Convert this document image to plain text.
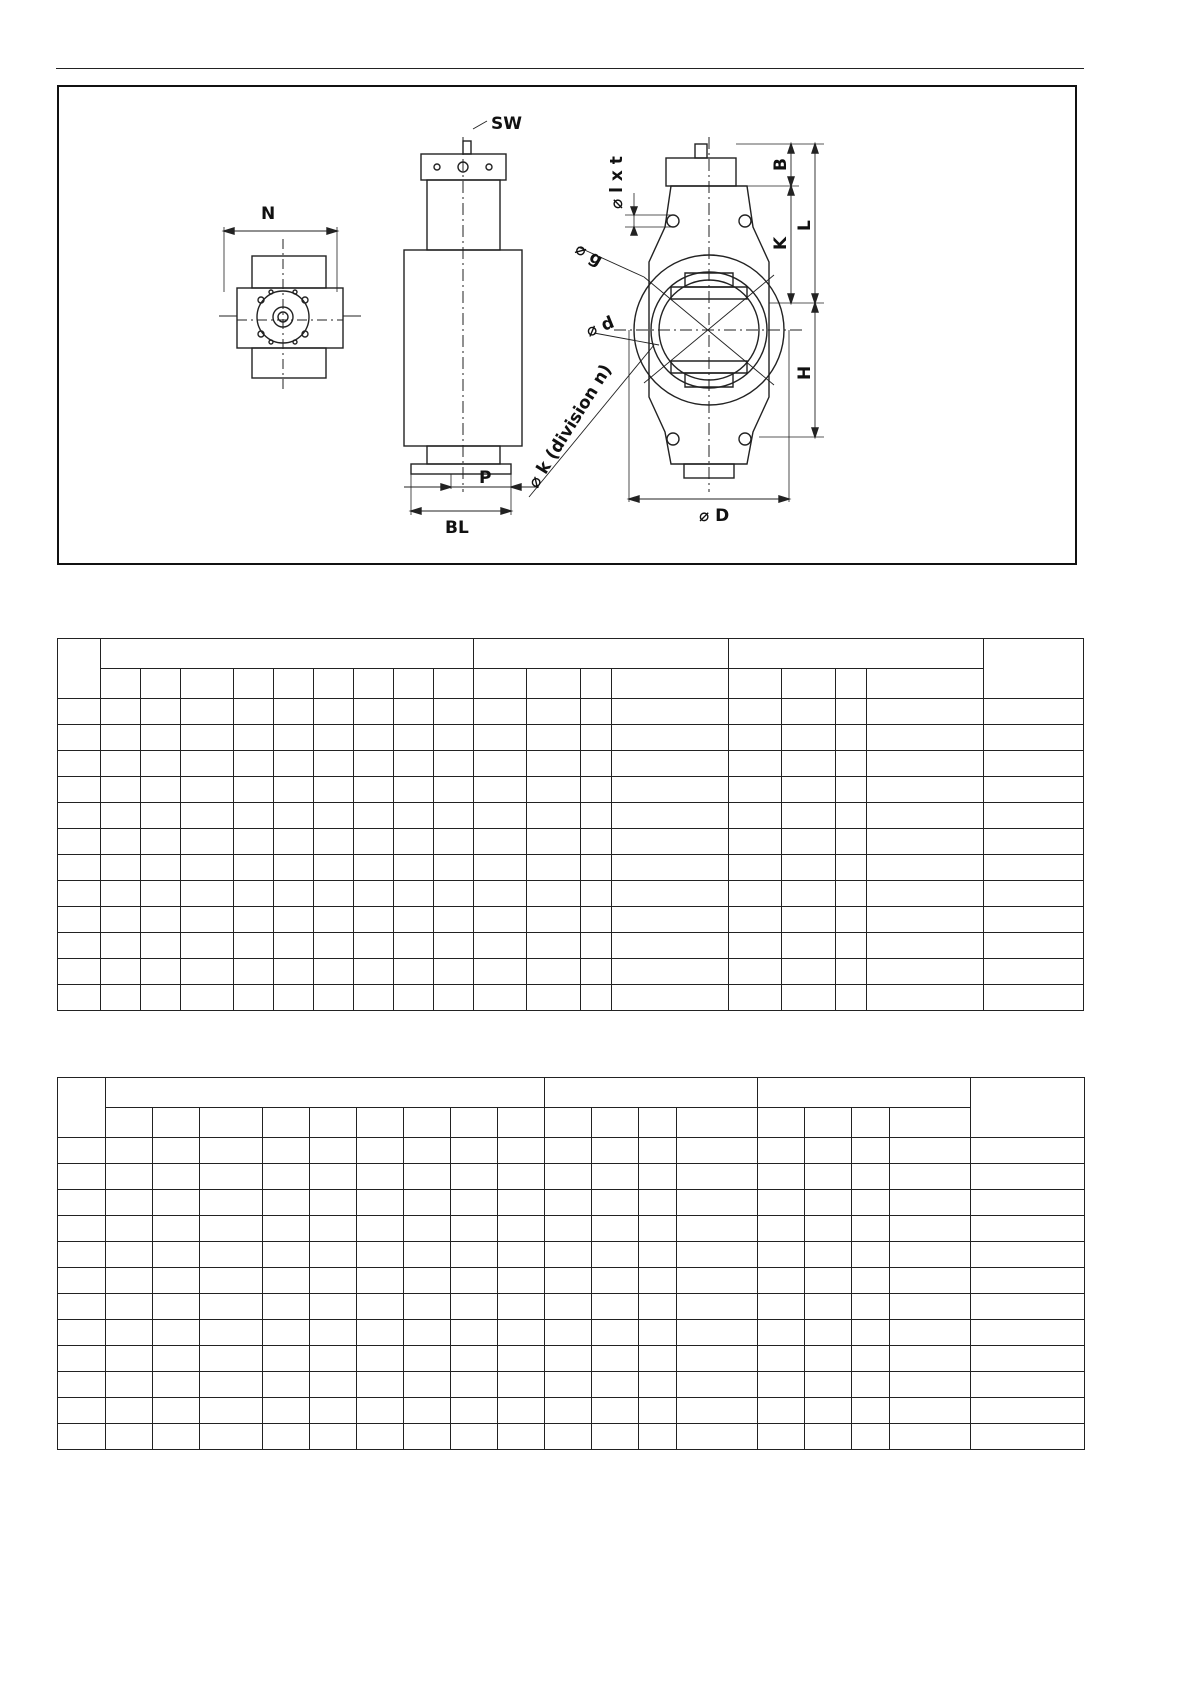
N
SW
P
BL
⌀ D
⌀ l x t
⌀ g
⌀ d
⌀ k (division n)
B
K
L
H
